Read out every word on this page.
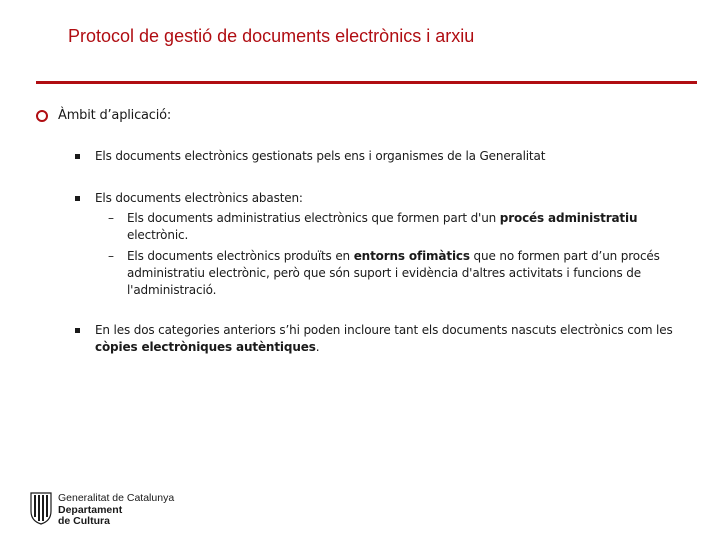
Protocol de gestió de documents electrònics i arxiu
Àmbit d’aplicació:
Els documents electrònics gestionats pels ens i organismes de la Generalitat
Els documents electrònics abasten:
– Els documents administratius electrònics que formen part d'un procés administratiu electrònic.
– Els documents electrònics produïts en entorns ofimàtics que no formen part d’un procés administratiu electrònic, però que són suport i evidència d'altres activitats i funcions de l'administració.
En les dos categories anteriors s’hi poden incloure tant els documents nascuts electrònics com les còpies electròniques autèntiques.
Generalitat de Catalunya
Departament
de Cultura
